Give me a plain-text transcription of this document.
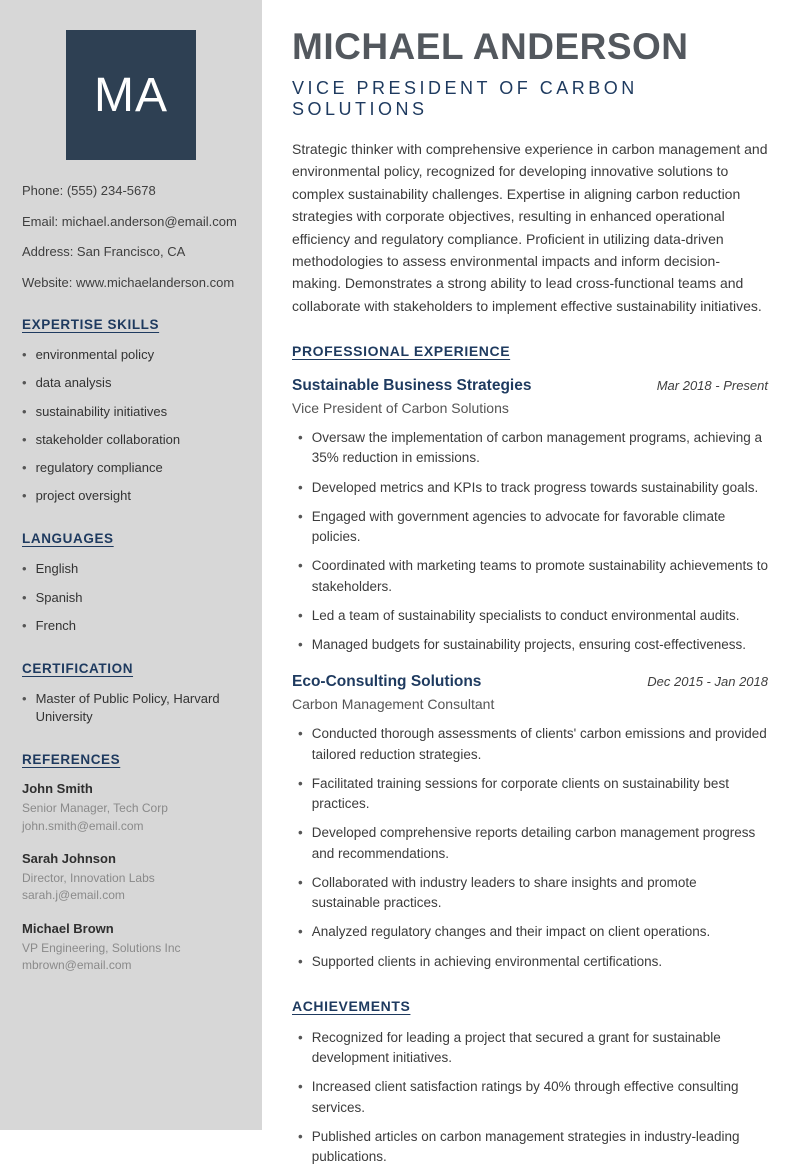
MA
Phone: (555) 234-5678
Email: michael.anderson@email.com
Address: San Francisco, CA
Website: www.michaelanderson.com
EXPERTISE SKILLS
• environmental policy
• data analysis
• sustainability initiatives
• stakeholder collaboration
• regulatory compliance
• project oversight
LANGUAGES
• English
• Spanish
• French
CERTIFICATION
• Master of Public Policy, Harvard University
REFERENCES
John Smith
Senior Manager, Tech Corp
john.smith@email.com
Sarah Johnson
Director, Innovation Labs
sarah.j@email.com
Michael Brown
VP Engineering, Solutions Inc
mbrown@email.com
MICHAEL ANDERSON
VICE PRESIDENT OF CARBON SOLUTIONS

Strategic thinker with comprehensive experience in carbon management and environmental policy, recognized for developing innovative solutions to complex sustainability challenges. Expertise in aligning carbon reduction strategies with corporate objectives, resulting in enhanced operational efficiency and regulatory compliance. Proficient in utilizing data-driven methodologies to assess environmental impacts and inform decision-making. Demonstrates a strong ability to lead cross-functional teams and collaborate with stakeholders to implement effective sustainability initiatives.

PROFESSIONAL EXPERIENCE
Sustainable Business Strategies	Mar 2018 - Present
Vice President of Carbon Solutions
• Oversaw the implementation of carbon management programs, achieving a 35% reduction in emissions.
• Developed metrics and KPIs to track progress towards sustainability goals.
• Engaged with government agencies to advocate for favorable climate policies.
• Coordinated with marketing teams to promote sustainability achievements to stakeholders.
• Led a team of sustainability specialists to conduct environmental audits.
• Managed budgets for sustainability projects, ensuring cost-effectiveness.
Eco-Consulting Solutions	Dec 2015 - Jan 2018
Carbon Management Consultant
• Conducted thorough assessments of clients' carbon emissions and provided tailored reduction strategies.
• Facilitated training sessions for corporate clients on sustainability best practices.
• Developed comprehensive reports detailing carbon management progress and recommendations.
• Collaborated with industry leaders to share insights and promote sustainable practices.
• Analyzed regulatory changes and their impact on client operations.
• Supported clients in achieving environmental certifications.
ACHIEVEMENTS
• Recognized for leading a project that secured a grant for sustainable development initiatives.
• Increased client satisfaction ratings by 40% through effective consulting services.
• Published articles on carbon management strategies in industry-leading publications.
